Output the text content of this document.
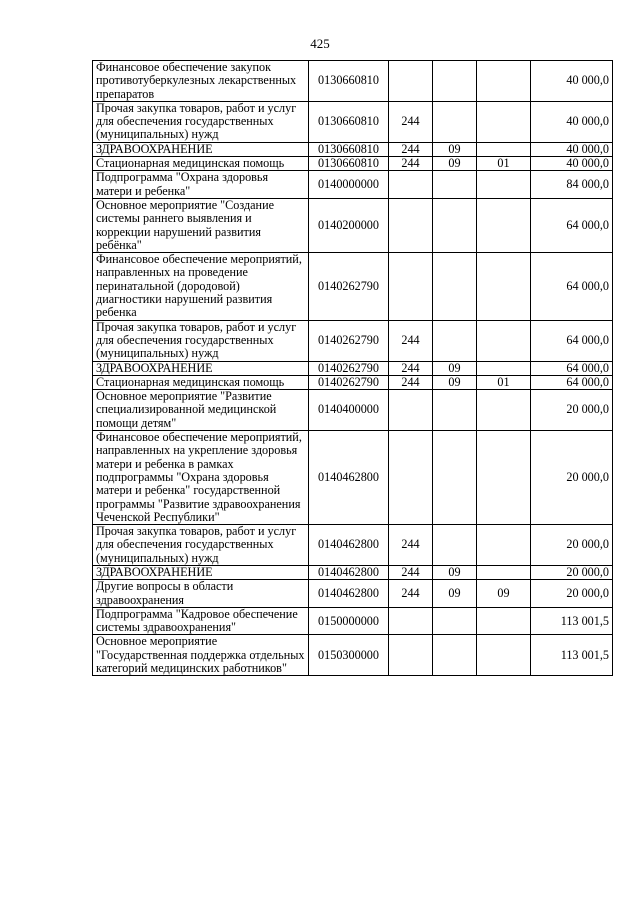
425
Финансовое обеспечение закупок противотуберкулезных лекарственных препаратов	0130660810				40 000,0
Прочая закупка товаров, работ и услуг для обеспечения государственных (муниципальных) нужд	0130660810	244			40 000,0
ЗДРАВООХРАНЕНИЕ	0130660810	244	09		40 000,0
Стационарная медицинская помощь	0130660810	244	09	01	40 000,0
Подпрограмма "Охрана здоровья матери и ребенка"	0140000000				84 000,0
Основное мероприятие "Создание системы раннего выявления и коррекции нарушений развития ребёнка"	0140200000				64 000,0
Финансовое обеспечение мероприятий, направленных на проведение перинатальной (дородовой) диагностики нарушений развития ребенка	0140262790				64 000,0
Прочая закупка товаров, работ и услуг для обеспечения государственных (муниципальных) нужд	0140262790	244			64 000,0
ЗДРАВООХРАНЕНИЕ	0140262790	244	09		64 000,0
Стационарная медицинская помощь	0140262790	244	09	01	64 000,0
Основное мероприятие "Развитие специализированной медицинской помощи детям"	0140400000				20 000,0
Финансовое обеспечение мероприятий, направленных на укрепление здоровья матери и ребенка в рамках подпрограммы "Охрана здоровья матери и ребенка" государственной программы "Развитие здравоохранения Чеченской Республики"	0140462800				20 000,0
Прочая закупка товаров, работ и услуг для обеспечения государственных (муниципальных) нужд	0140462800	244			20 000,0
ЗДРАВООХРАНЕНИЕ	0140462800	244	09		20 000,0
Другие вопросы в области здравоохранения	0140462800	244	09	09	20 000,0
Подпрограмма "Кадровое обеспечение системы здравоохранения"	0150000000				113 001,5
Основное мероприятие "Государственная поддержка отдельных категорий медицинских работников"	0150300000				113 001,5
